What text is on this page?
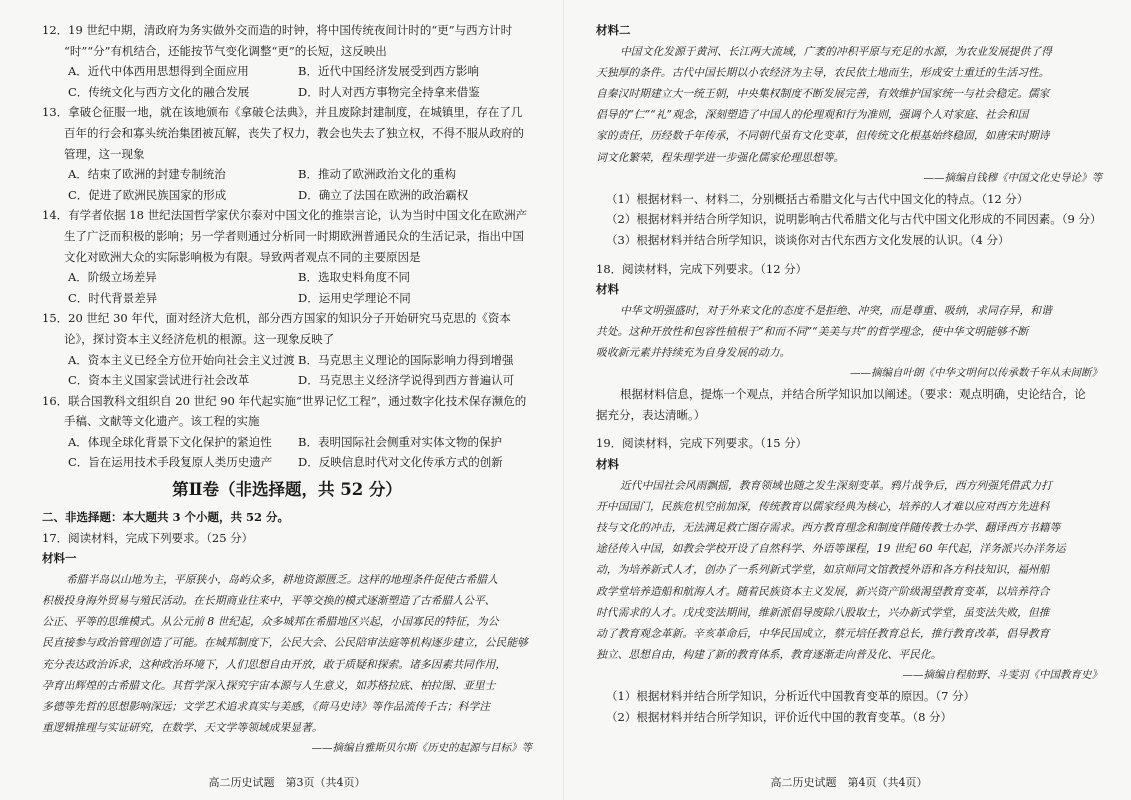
12．19 世纪中期，清政府为务实做外交而造的时钟，将中国传统夜间计时的“更”与西方计时
“时”“分”有机结合，还能按节气变化调整“更”的长短，这反映出
A．近代中体西用思想得到全面应用	B．近代中国经济发展受到西方影响
C．传统文化与西方文化的融合发展	D．时人对西方事物完全持拿来借鉴
13．拿破仑征服一地，就在该地颁布《拿破仑法典》，并且废除封建制度，在城镇里，存在了几
百年的行会和寡头统治集团被瓦解，丧失了权力，教会也失去了独立权，不得不服从政府的
管理，这一现象
A．结束了欧洲的封建专制统治	B．推动了欧洲政治文化的重构
C．促进了欧洲民族国家的形成	D．确立了法国在欧洲的政治霸权
14．有学者依据 18 世纪法国哲学家伏尔泰对中国文化的推崇言论，认为当时中国文化在欧洲产
生了广泛而积极的影响；另一学者则通过分析同一时期欧洲普通民众的生活记录，指出中国
文化对欧洲大众的实际影响极为有限。导致两者观点不同的主要原因是
A．阶级立场差异	B．选取史料角度不同
C．时代背景差异	D．运用史学理论不同
15．20 世纪 30 年代，面对经济大危机，部分西方国家的知识分子开始研究马克思的《资本
论》，探讨资本主义经济危机的根源。这一现象反映了
A．资本主义已经全方位开始向社会主义过渡 B．马克思主义理论的国际影响力得到增强
C．资本主义国家尝试进行社会改革	D．马克思主义经济学说得到西方普遍认可
16．联合国教科文组织自 20 世纪 90 年代起实施“世界记忆工程”，通过数字化技术保存濒危的
手稿、文献等文化遗产。该工程的实施
A．体现全球化背景下文化保护的紧迫性	B．表明国际社会侧重对实体文物的保护
C．旨在运用技术手段复原人类历史遗产	D．反映信息时代对文化传承方式的创新
第Ⅱ卷（非选择题，共 52 分）
二、非选择题：本大题共 3 个小题，共 52 分。
17．阅读材料，完成下列要求。（25 分）
材料一
希腊半岛以山地为主，平原狭小，岛屿众多，耕地资源匮乏。这样的地理条件促使古希腊人
积极投身海外贸易与殖民活动。在长期商业往来中，平等交换的模式逐渐塑造了古希腊人公平、
公正、平等的思维模式。从公元前 8 世纪起，众多城邦在希腊地区兴起，小国寡民的特征，为公
民直接参与政治管理创造了可能。在城邦制度下，公民大会、公民陪审法庭等机构逐步建立，公民能够
充分表达政治诉求，这种政治环境下，人们思想自由开放，敢于质疑和探索。诸多因素共同作用，
孕育出辉煌的古希腊文化。其哲学深入探究宇宙本源与人生意义，如苏格拉底、柏拉图、亚里士
多德等先哲的思想影响深远；文学艺术追求真实与美感，《荷马史诗》等作品流传千古；科学注
重逻辑推理与实证研究，在数学、天文学等领域成果显著。
——摘编自雅斯贝尔斯《历史的起源与目标》等
高二历史试题　第3页（共4页）
材料二
中国文化发源于黄河、长江两大流域，广袤的冲积平原与充足的水源，为农业发展提供了得
天独厚的条件。古代中国长期以小农经济为主导，农民依土地而生，形成安土重迁的生活习性。
自秦汉时期建立大一统王朝，中央集权制度不断发展完善，有效维护国家统一与社会稳定。儒家
倡导的“仁”“礼”观念，深刻塑造了中国人的伦理观和行为准则，强调个人对家庭、社会和国
家的责任，历经数千年传承，不同朝代虽有文化变革，但传统文化根基始终稳固，如唐宋时期诗
词文化繁荣，程朱理学进一步强化儒家伦理思想等。
——摘编自钱穆《中国文化史导论》等
（1）根据材料一、材料二，分别概括古希腊文化与古代中国文化的特点。（12 分）
（2）根据材料并结合所学知识，说明影响古代希腊文化与古代中国文化形成的不同因素。（9 分）
（3）根据材料并结合所学知识，谈谈你对古代东西方文化发展的认识。（4 分）
18．阅读材料，完成下列要求。（12 分）
材料
中华文明强盛时，对于外来文化的态度不是拒绝、冲突，而是尊重、吸纳，求同存异，和谐
共处。这种开放性和包容性植根于“和而不同”“美美与共”的哲学理念，使中华文明能够不断
吸收新元素并持续充为自身发展的动力。
——摘编自叶朗《中华文明何以传承数千年从未间断》
根据材料信息，提炼一个观点，并结合所学知识加以阐述。（要求：观点明确，史论结合，论
据充分，表达清晰。）
19．阅读材料，完成下列要求。（15 分）
材料
近代中国社会风雨飘摇，教育领域也随之发生深刻变革。鸦片战争后，西方列强凭借武力打
开中国国门，民族危机空前加深，传统教育以儒家经典为核心，培养的人才难以应对西方先进科
技与文化的冲击，无法满足救亡图存需求。西方教育理念和制度伴随传教士办学、翻译西方书籍等
途径传入中国，如教会学校开设了自然科学、外语等课程，19 世纪 60 年代起，洋务派兴办洋务运
动，为培养新式人才，创办了一系列新式学堂，如京师同文馆教授外语和各方科技知识，福州船
政学堂培养造船和航海人才。随着民族资本主义发展，新兴资产阶级渴望教育变革，以培养符合
时代需求的人才。戊戌变法期间，维新派倡导废除八股取士，兴办新式学堂，虽变法失败，但推
动了教育观念革新。辛亥革命后，中华民国成立，蔡元培任教育总长，推行教育改革，倡导教育
独立、思想自由，构建了新的教育体系，教育逐渐走向普及化、平民化。
——摘编自程舫野、斗雯羽《中国教育史》
（1）根据材料并结合所学知识，分析近代中国教育变革的原因。（7 分）
（2）根据材料并结合所学知识，评价近代中国的教育变革。（8 分）
高二历史试题　第4页（共4页）
